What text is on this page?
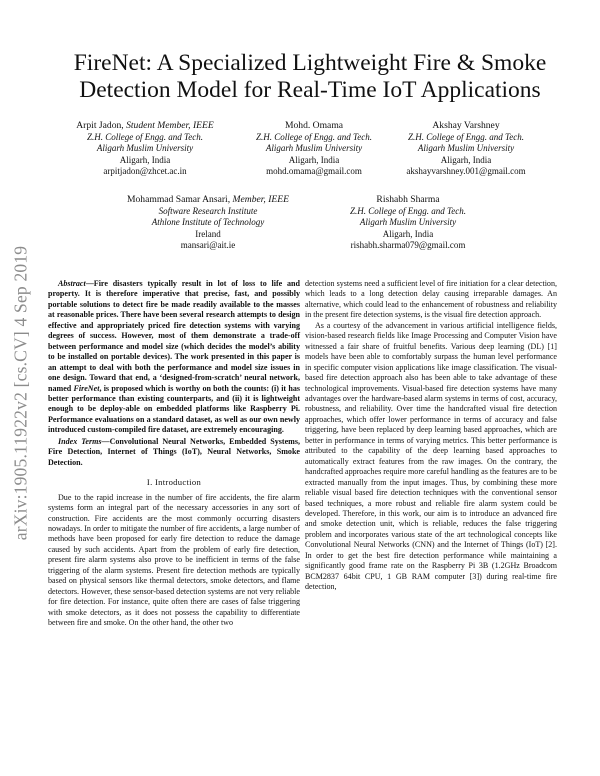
arXiv:1905.11922v2 [cs.CV] 4 Sep 2019
FireNet: A Specialized Lightweight Fire & Smoke
Detection Model for Real-Time IoT Applications
Arpit Jadon, Student Member, IEEE
Z.H. College of Engg. and Tech.
Aligarh Muslim University
Aligarh, India
arpitjadon@zhcet.ac.in
Mohd. Omama
Z.H. College of Engg. and Tech.
Aligarh Muslim University
Aligarh, India
mohd.omama@gmail.com
Akshay Varshney
Z.H. College of Engg. and Tech.
Aligarh Muslim University
Aligarh, India
akshayvarshney.001@gmail.com
Mohammad Samar Ansari, Member, IEEE
Software Research Institute
Athlone Institute of Technology
Ireland
mansari@ait.ie
Rishabh Sharma
Z.H. College of Engg. and Tech.
Aligarh Muslim University
Aligarh, India
rishabh.sharma079@gmail.com

Abstract—Fire disasters typically result in lot of loss to life and property. It is therefore imperative that precise, fast, and possibly portable solutions to detect fire be made readily available to the masses at reasonable prices. There have been several research attempts to design effective and appropriately priced fire detection systems with varying degrees of success. However, most of them demonstrate a trade-off between performance and model size (which decides the model’s ability to be installed on portable devices). The work presented in this paper is an attempt to deal with both the performance and model size issues in one design. Toward that end, a ‘designed-from-scratch’ neural network, named FireNet, is proposed which is worthy on both the counts: (i) it has better performance than existing counterparts, and (ii) it is lightweight enough to be deploy-able on embedded platforms like Raspberry Pi. Performance evaluations on a standard dataset, as well as our own newly introduced custom-compiled fire dataset, are extremely encouraging.

Index Terms—Convolutional Neural Networks, Embedded Systems, Fire Detection, Internet of Things (IoT), Neural Networks, Smoke Detection.

I. Introduction

Due to the rapid increase in the number of fire accidents, the fire alarm systems form an integral part of the necessary accessories in any sort of construction. Fire accidents are the most commonly occurring disasters nowadays. In order to mitigate the number of fire accidents, a large number of methods have been proposed for early fire detection to reduce the damage caused by such accidents. Apart from the problem of early fire detection, present fire alarm systems also prove to be inefficient in terms of the false triggering of the alarm systems. Present fire detection methods are typically based on physical sensors like thermal detectors, smoke detectors, and flame detectors. However, these sensor-based detection systems are not very reliable for fire detection. For instance, quite often there are cases of false triggering with smoke detectors, as it does not possess the capability to differentiate between fire and smoke. On the other hand, the other two

detection systems need a sufficient level of fire initiation for a clear detection, which leads to a long detection delay causing irreparable damages. An alternative, which could lead to the enhancement of robustness and reliability in the present fire detection systems, is the visual fire detection approach.

As a courtesy of the advancement in various artificial intelligence fields, vision-based research fields like Image Processing and Computer Vision have witnessed a fair share of fruitful benefits. Various deep learning (DL) [1] models have been able to comfortably surpass the human level performance in specific computer vision applications like image classification. The visual-based fire detection approach also has been able to take advantage of these technological improvements. Visual-based fire detection systems have many advantages over the hardware-based alarm systems in terms of cost, accuracy, robustness, and reliability. Over time the handcrafted visual fire detection approaches, which offer lower performance in terms of accuracy and false triggering, have been replaced by deep learning based approaches, which are better in performance in terms of varying metrics. This better performance is attributed to the capability of the deep learning based approaches to automatically extract features from the raw images. On the contrary, the handcrafted approaches require more careful handling as the features are to be extracted manually from the input images. Thus, by combining these more reliable visual based fire detection techniques with the conventional sensor based techniques, a more robust and reliable fire alarm system could be developed. Therefore, in this work, our aim is to introduce an advanced fire and smoke detection unit, which is reliable, reduces the false triggering problem and incorporates various state of the art technological concepts like Convolutional Neural Networks (CNN) and the Internet of Things (IoT) [2]. In order to get the best fire detection performance while maintaining a significantly good frame rate on the Raspberry Pi 3B (1.2GHz Broadcom BCM2837 64bit CPU, 1 GB RAM computer [3]) during real-time fire detection,
